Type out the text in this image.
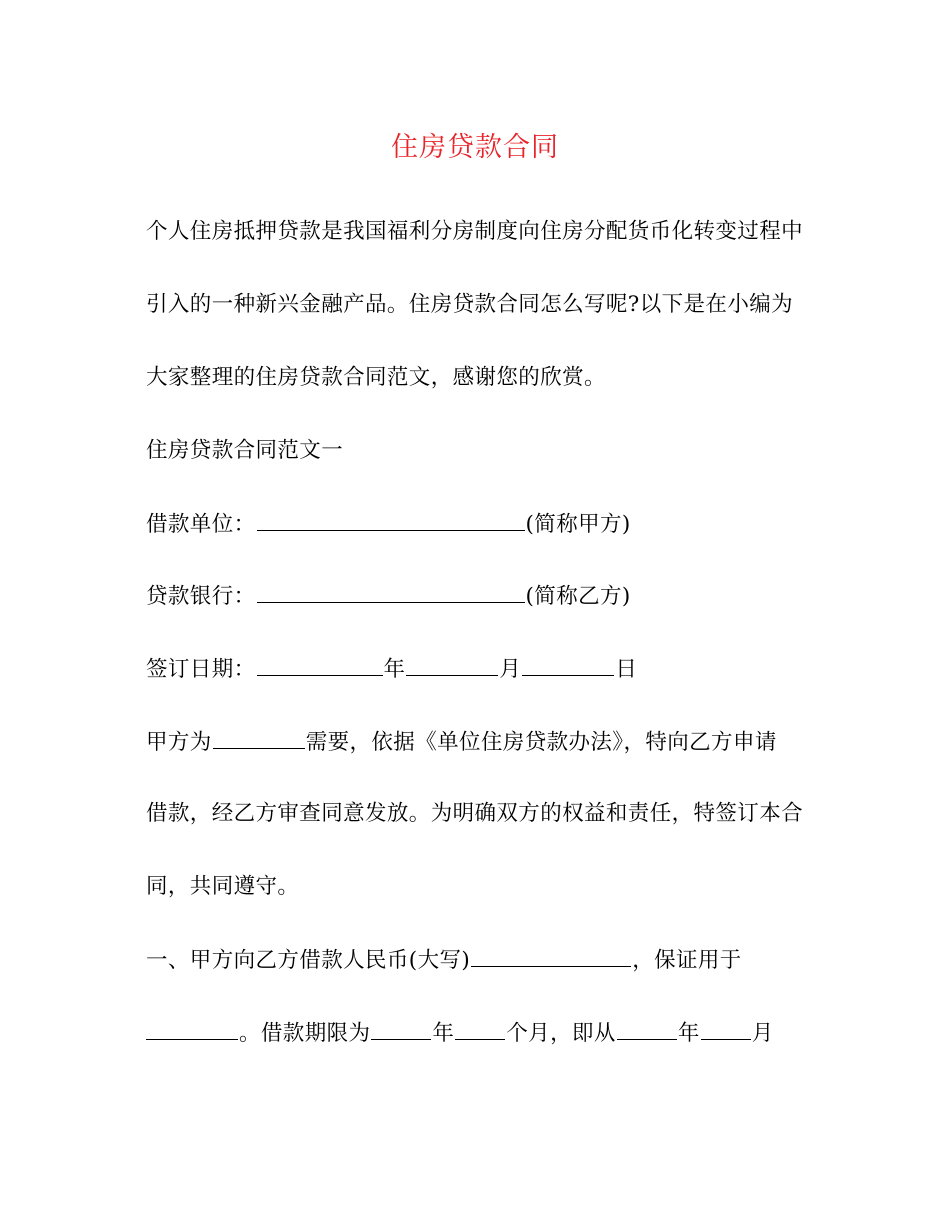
住房贷款合同
个人住房抵押贷款是我国福利分房制度向住房分配货币化转变过程中
引入的一种新兴金融产品。住房贷款合同怎么写呢?以下是在小编为
大家整理的住房贷款合同范文，感谢您的欣赏。
住房贷款合同范文一
借款单位：	(简称甲方)
贷款银行：	(简称乙方)
签订日期：	年	月	日
甲方为	需要，依据《单位住房贷款办法》，特向乙方申请
借款，经乙方审查同意发放。为明确双方的权益和责任，特签订本合
同，共同遵守。
一、甲方向乙方借款人民币(大写)	，保证用于
。借款期限为	年 个月，即从	年 月
